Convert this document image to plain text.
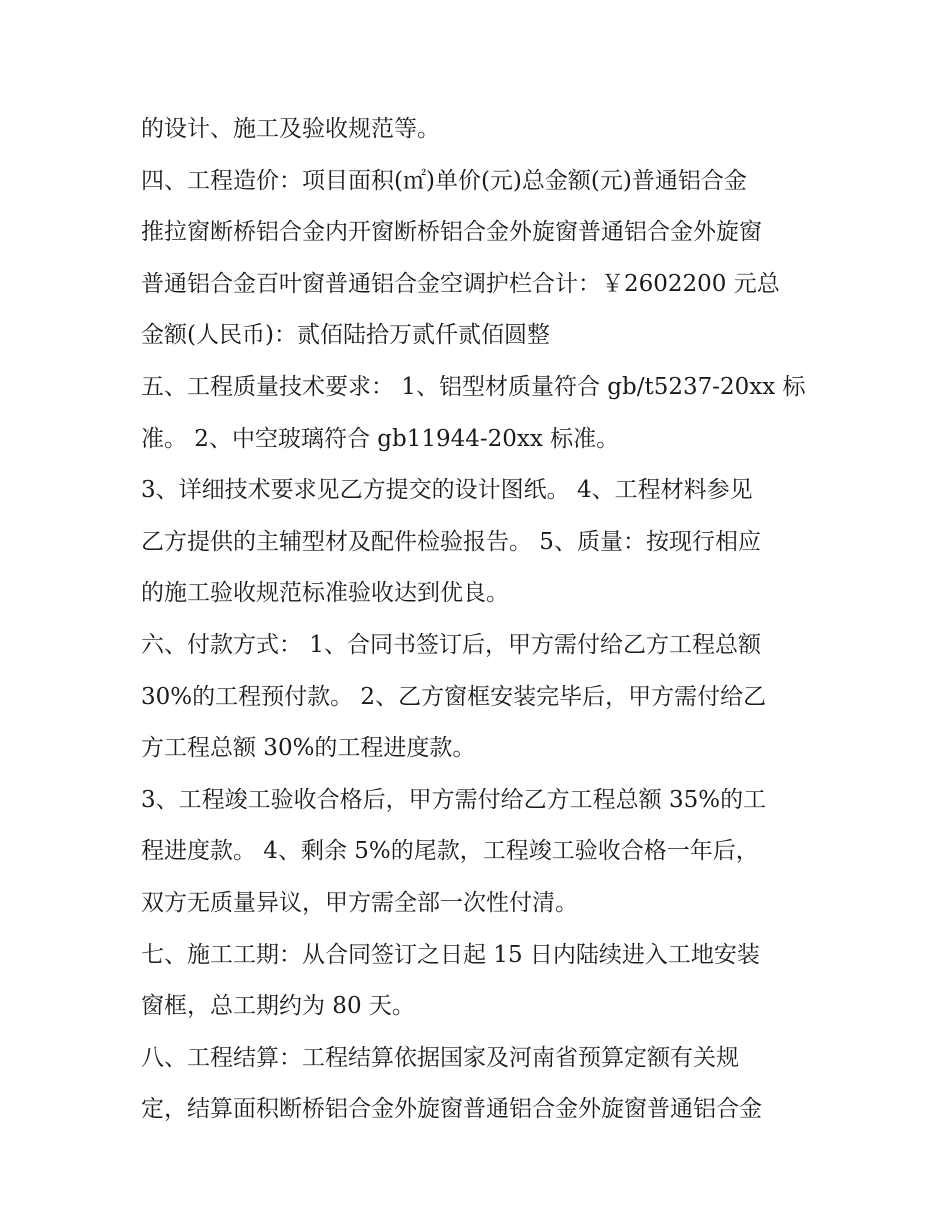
的设计、施工及验收规范等。
四、工程造价：项目面积(㎡)单价(元)总金额(元)普通铝合金
推拉窗断桥铝合金内开窗断桥铝合金外旋窗普通铝合金外旋窗
普通铝合金百叶窗普通铝合金空调护栏合计：￥2602200 元总
金额(人民币)：贰佰陆拾万贰仟贰佰圆整
五、工程质量技术要求： 1、铝型材质量符合 gb/t5237-20xx 标
准。 2、中空玻璃符合 gb11944-20xx 标准。
3、详细技术要求见乙方提交的设计图纸。 4、工程材料参见
乙方提供的主辅型材及配件检验报告。 5、质量：按现行相应
的施工验收规范标准验收达到优良。
六、付款方式： 1、合同书签订后，甲方需付给乙方工程总额
30%的工程预付款。 2、乙方窗框安装完毕后，甲方需付给乙
方工程总额 30%的工程进度款。
3、工程竣工验收合格后，甲方需付给乙方工程总额 35%的工
程进度款。 4、剩余 5%的尾款，工程竣工验收合格一年后，
双方无质量异议，甲方需全部一次性付清。
七、施工工期：从合同签订之日起 15 日内陆续进入工地安装
窗框，总工期约为 80 天。
八、工程结算：工程结算依据国家及河南省预算定额有关规
定，结算面积断桥铝合金外旋窗普通铝合金外旋窗普通铝合金
